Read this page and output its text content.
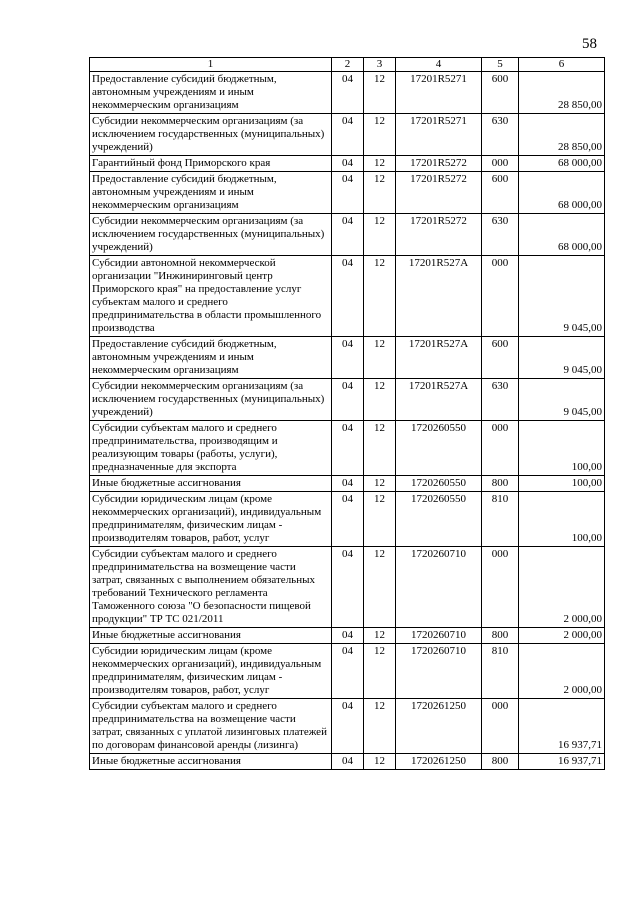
58
1	2	3	4	5	6
Предоставление субсидий бюджетным, автономным учреждениям и иным некоммерческим организациям	04	12	17201R5271	600	28 850,00
Субсидии некоммерческим организациям (за исключением государственных (муниципальных) учреждений)	04	12	17201R5271	630	28 850,00
Гарантийный фонд Приморского края	04	12	17201R5272	000	68 000,00
Предоставление субсидий бюджетным, автономным учреждениям и иным некоммерческим организациям	04	12	17201R5272	600	68 000,00
Субсидии некоммерческим организациям (за исключением государственных (муниципальных) учреждений)	04	12	17201R5272	630	68 000,00
Субсидии автономной некоммерческой организации "Инжиниринговый центр Приморского края" на предоставление услуг субъектам малого и среднего предпринимательства в области промышленного производства	04	12	17201R527A	000	9 045,00
Предоставление субсидий бюджетным, автономным учреждениям и иным некоммерческим организациям	04	12	17201R527A	600	9 045,00
Субсидии некоммерческим организациям (за исключением государственных (муниципальных) учреждений)	04	12	17201R527A	630	9 045,00
Субсидии субъектам малого и среднего предпринимательства, производящим и реализующим товары (работы, услуги), предназначенные для экспорта	04	12	1720260550	000	100,00
Иные бюджетные ассигнования	04	12	1720260550	800	100,00
Субсидии юридическим лицам (кроме некоммерческих организаций), индивидуальным предпринимателям, физическим лицам - производителям товаров, работ, услуг	04	12	1720260550	810	100,00
Субсидии субъектам малого и среднего предпринимательства на возмещение части затрат, связанных с выполнением обязательных требований Технического регламента Таможенного союза "О безопасности пищевой продукции" ТР ТС 021/2011	04	12	1720260710	000	2 000,00
Иные бюджетные ассигнования	04	12	1720260710	800	2 000,00
Субсидии юридическим лицам (кроме некоммерческих организаций), индивидуальным предпринимателям, физическим лицам - производителям товаров, работ, услуг	04	12	1720260710	810	2 000,00
Субсидии субъектам малого и среднего предпринимательства на возмещение части затрат, связанных с уплатой лизинговых платежей по договорам финансовой аренды (лизинга)	04	12	1720261250	000	16 937,71
Иные бюджетные ассигнования	04	12	1720261250	800	16 937,71
